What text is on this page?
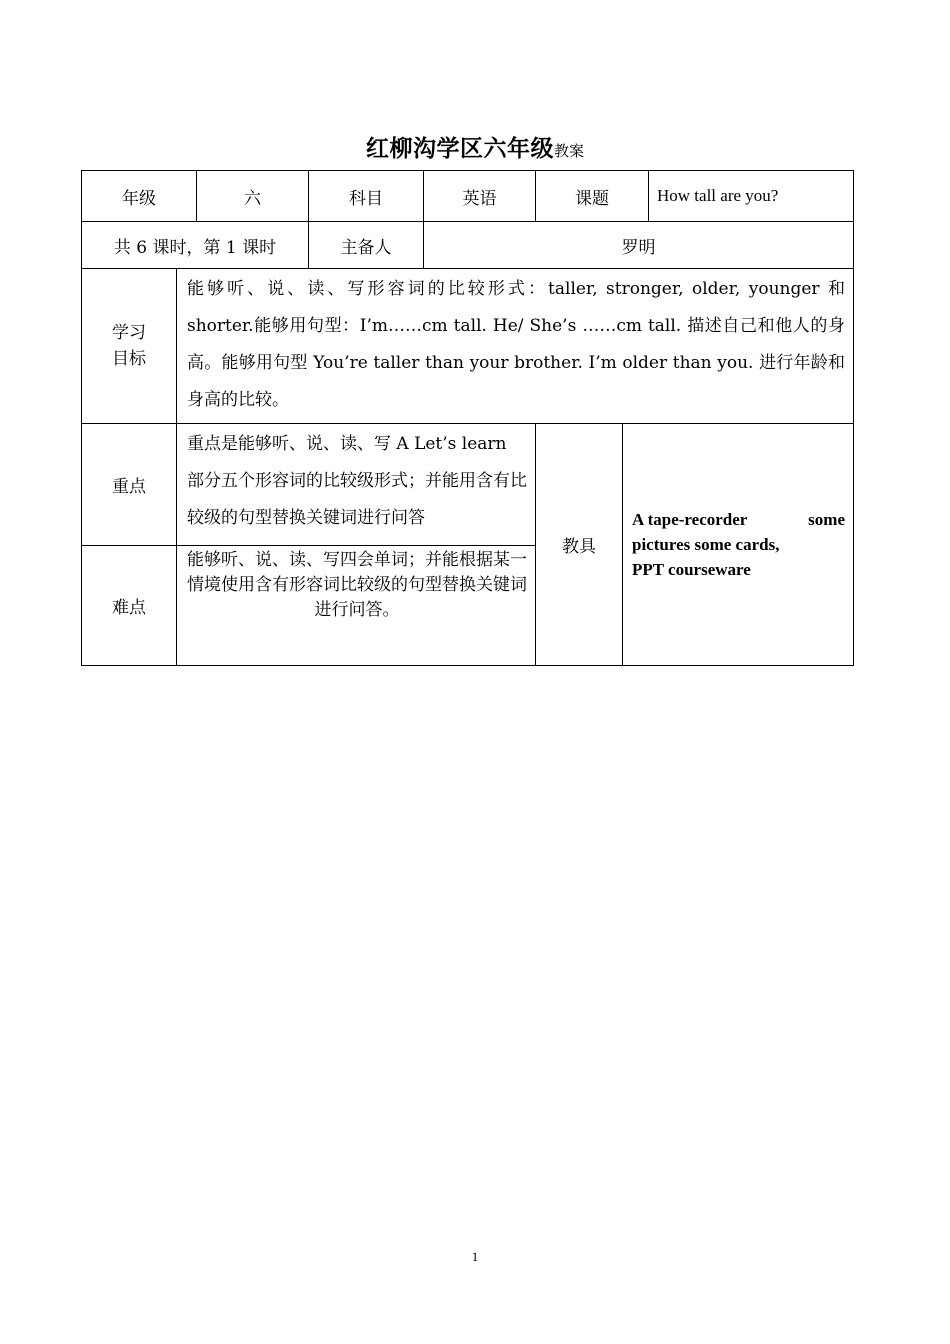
红柳沟学区六年级教案
年级		六	科目	英语	课题		How tall are you?
共 6 课时，第 1 课时			主备人	罗明			

学习
目标	能够听、说、读、写形容词的比较形式：taller, stronger, older, younger 和 shorter.能够用句型：I’m……cm tall. He/ She’s ……cm tall. 描述自己和他人的身高。能够用句型 You’re taller than your brother. I’m older than you. 进行年龄和身高的比较。						

重点	重点是能够听、说、读、写 A Let’s learn 部分五个形容词的比较级形式；并能用含有比较级的句型替换关键词进行问答				教具	A tape-recorder some
pictures some cards,
PPT courseware	

难点	能够听、说、读、写四会单词；并能根据某一情境使用含有形容词比较级的句型替换关键词进行问答。						
1
